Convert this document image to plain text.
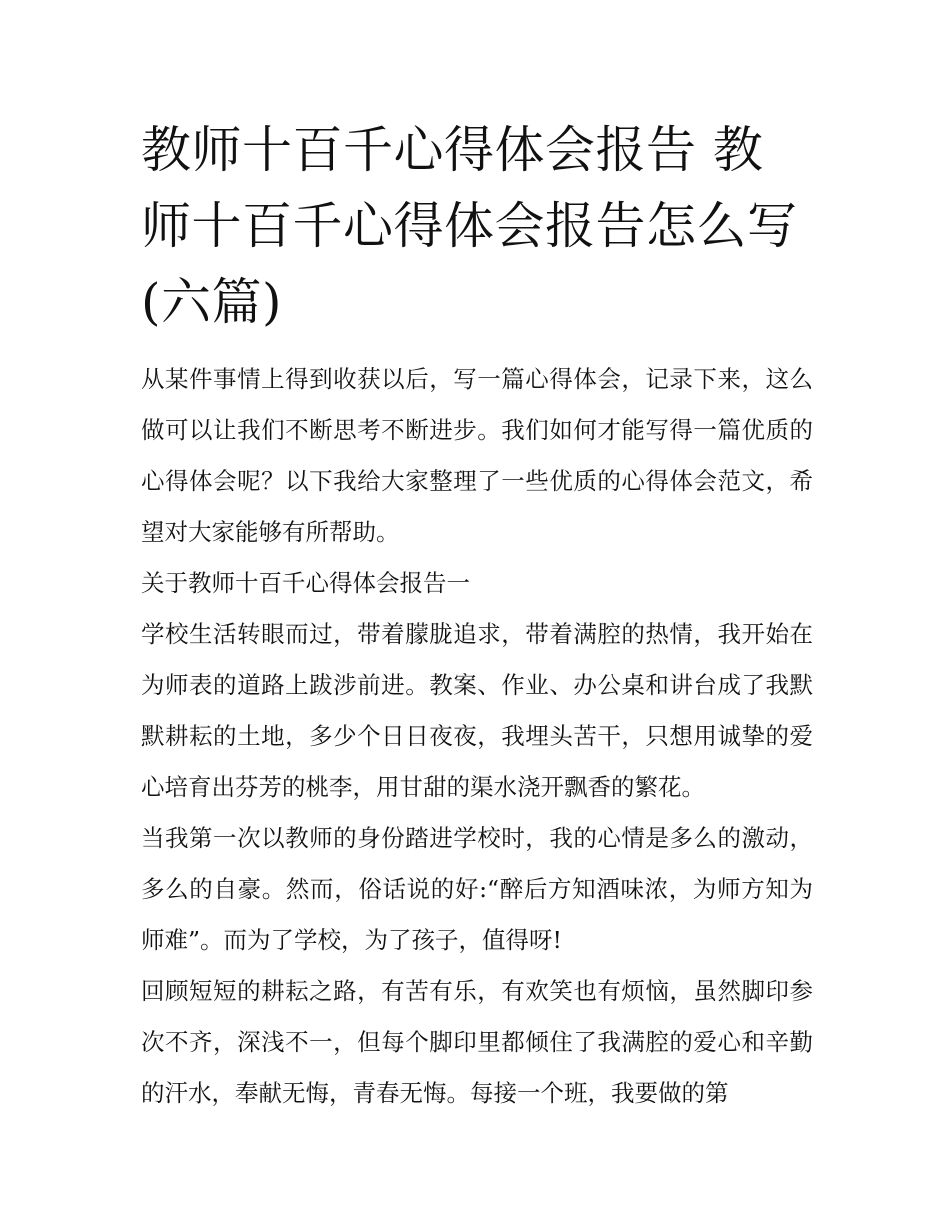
教师十百千心得体会报告 教师十百千心得体会报告怎么写(六篇)

从某件事情上得到收获以后，写一篇心得体会，记录下来，这么做可以让我们不断思考不断进步。我们如何才能写得一篇优质的心得体会呢？以下我给大家整理了一些优质的心得体会范文，希望对大家能够有所帮助。

关于教师十百千心得体会报告一

学校生活转眼而过，带着朦胧追求，带着满腔的热情，我开始在为师表的道路上跋涉前进。教案、作业、办公桌和讲台成了我默默耕耘的土地，多少个日日夜夜，我埋头苦干，只想用诚挚的爱心培育出芬芳的桃李，用甘甜的渠水浇开飘香的繁花。

当我第一次以教师的身份踏进学校时，我的心情是多么的激动，多么的自豪。然而，俗话说的好:“醉后方知酒味浓，为师方知为师难”。而为了学校，为了孩子，值得呀!

回顾短短的耕耘之路，有苦有乐，有欢笑也有烦恼，虽然脚印参次不齐，深浅不一，但每个脚印里都倾住了我满腔的爱心和辛勤的汗水，奉献无悔，青春无悔。每接一个班，我要做的第
